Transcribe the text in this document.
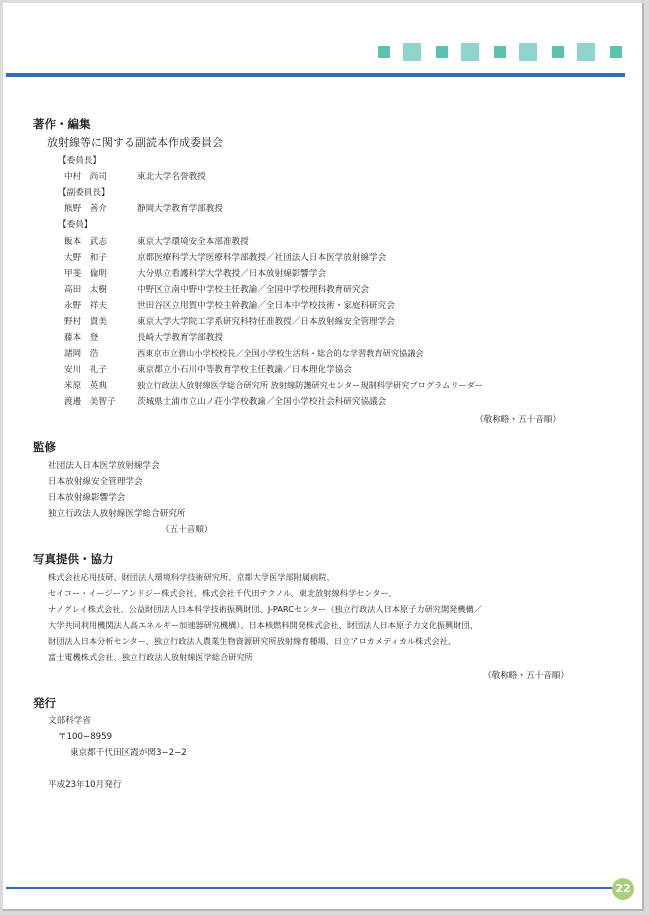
著作・編集
放射線等に関する副読本作成委員会
【委員長】
中村　尚司	東北大学名誉教授
【副委員長】
熊野　善介	静岡大学教育学部教授
【委員】
飯本　武志	東京大学環境安全本部准教授
大野　和子	京都医療科学大学医療科学部教授／社団法人日本医学放射線学会
甲斐　倫明	大分県立看護科学大学教授／日本放射線影響学会
高田　太樹	中野区立南中野中学校主任教諭／全国中学校理科教育研究会
永野　祥夫	世田谷区立用賀中学校主幹教諭／全日本中学校技術・家庭科研究会
野村　貴美	東京大学大学院工学系研究科特任准教授／日本放射線安全管理学会
藤本　登	長崎大学教育学部教授
諸岡　浩	西東京市立碧山小学校校長／全国小学校生活科・総合的な学習教育研究協議会
安川　礼子	東京都立小石川中等教育学校主任教諭／日本理化学協会
米原　英典	独立行政法人放射線医学総合研究所 放射線防護研究センター規制科学研究プログラムリーダー
渡邊　美智子 茨城県土浦市立山ノ荘小学校教諭／全国小学校社会科研究協議会
（敬称略・五十音順）
監修
社団法人日本医学放射線学会
日本放射線安全管理学会
日本放射線影響学会
独立行政法人放射線医学総合研究所
（五十音順）
写真提供・協力
株式会社応用技研、財団法人環境科学技術研究所、京都大学医学部附属病院、
セイコー・イージーアンドジー株式会社、株式会社千代田テクノル、東北放射線科学センター、
ナノグレイ株式会社、公益財団法人日本科学技術振興財団、J-PARCセンター（独立行政法人日本原子力研究開発機構／
大学共同利用機関法人高エネルギー加速器研究機構）、日本核燃料開発株式会社、財団法人日本原子力文化振興財団、
財団法人日本分析センター、独立行政法人農業生物資源研究所放射線育種場、日立アロカメディカル株式会社、
富士電機株式会社、独立行政法人放射線医学総合研究所
（敬称略・五十音順）
発行
文部科学省
〒100−8959
東京都千代田区霞が関3−2−2
平成23年10月発行
22
